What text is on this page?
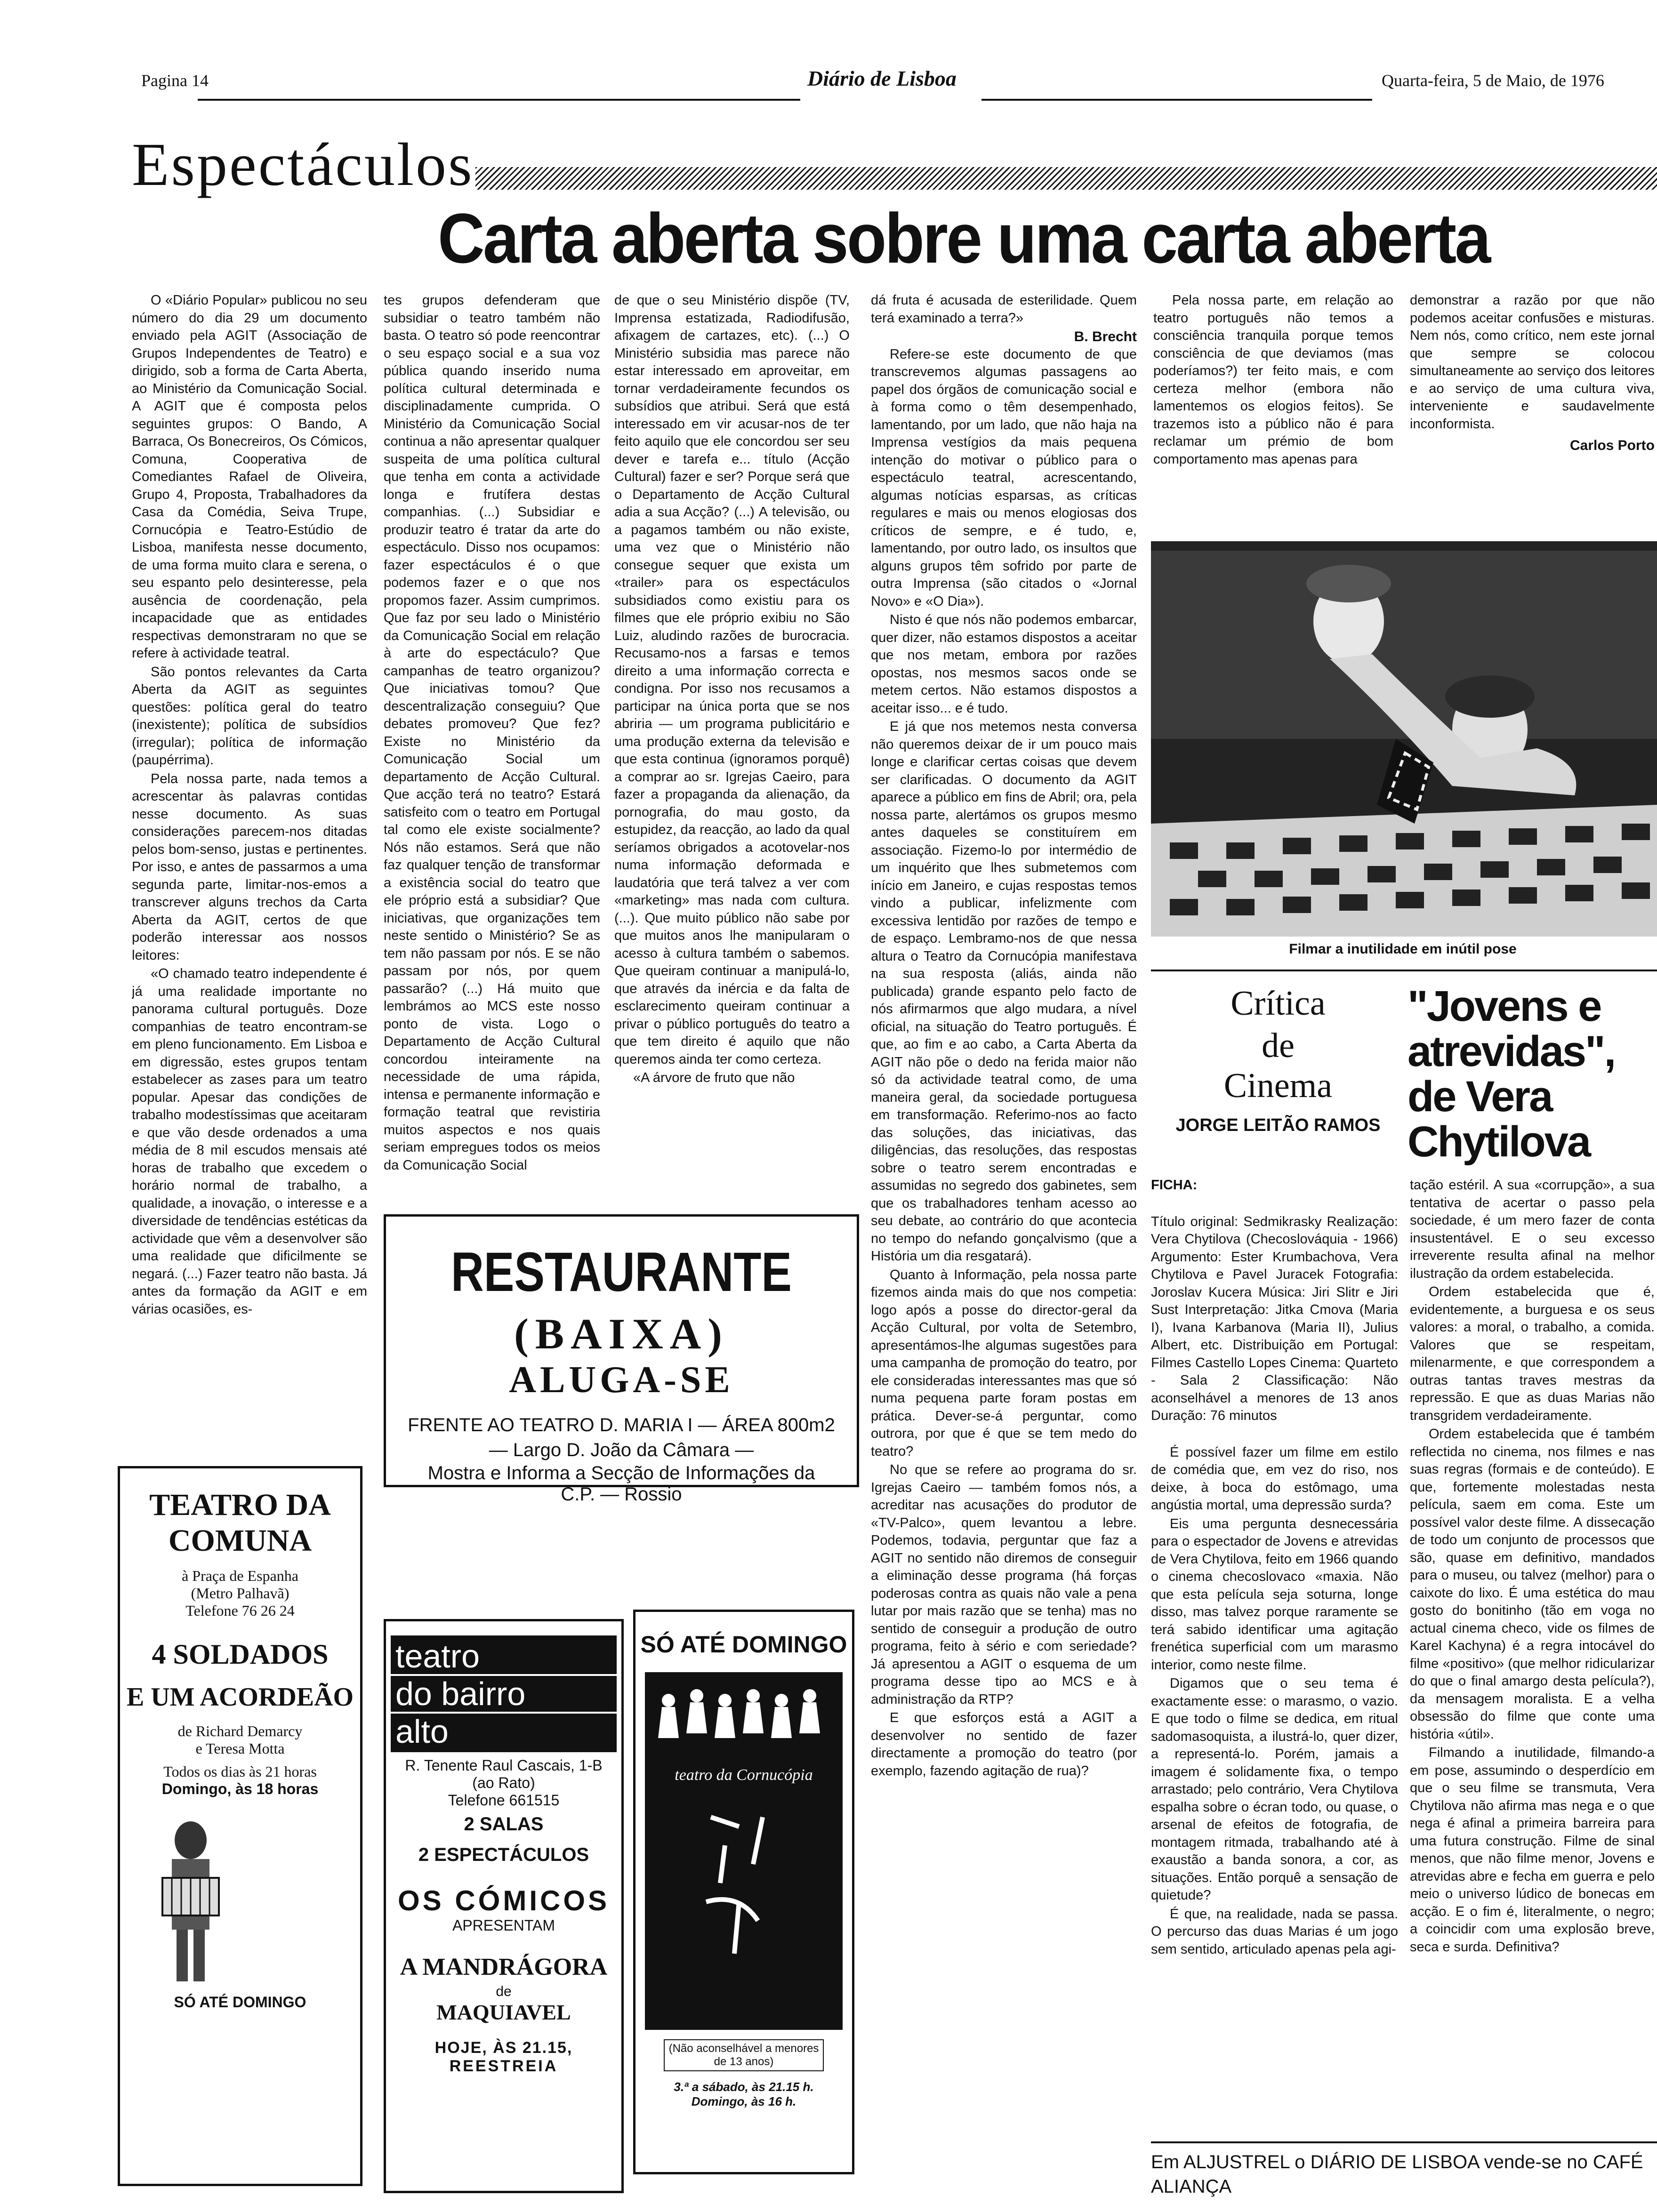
Pagina 14	Diário de Lisboa	Quarta-feira, 5 de Maio, de 1976
Espectáculos
Carta aberta sobre uma carta aberta

O «Diário Popular» publicou no seu número do dia 29 um documento enviado pela AGIT (Associação de Grupos Independentes de Teatro) e dirigido, sob a forma de Carta Aberta, ao Ministério da Comunicação Social. A AGIT que é composta pelos seguintes grupos: O Bando, A Barraca, Os Bonecreiros, Os Cómicos, Comuna, Cooperativa de Comediantes Rafael de Oliveira, Grupo 4, Proposta, Trabalhadores da Casa da Comédia, Seiva Trupe, Cornucópia e Teatro-Estúdio de Lisboa, manifesta nesse documento, de uma forma muito clara e serena, o seu espanto pelo desinteresse, pela ausência de coordenação, pela incapacidade que as entidades respectivas demonstraram no que se refere à actividade teatral.

São pontos relevantes da Carta Aberta da AGIT as seguintes questões: política geral do teatro (inexistente); política de subsídios (irregular); política de informação (paupérrima).

Pela nossa parte, nada temos a acrescentar às palavras contidas nesse documento. As suas considerações parecem-nos ditadas pelos bom-senso, justas e pertinentes. Por isso, e antes de passarmos a uma segunda parte, limitar-nos-emos a transcrever alguns trechos da Carta Aberta da AGIT, certos de que poderão interessar aos nossos leitores:

«O chamado teatro independente é já uma realidade importante no panorama cultural português. Doze companhias de teatro encontram-se em pleno funcionamento. Em Lisboa e em digressão, estes grupos tentam estabelecer as zases para um teatro popular. Apesar das condições de trabalho modestíssimas que aceitaram e que vão desde ordenados a uma média de 8 mil escudos mensais até horas de trabalho que excedem o horário normal de trabalho, a qualidade, a inovação, o interesse e a diversidade de tendências estéticas da actividade que vêm a desenvolver são uma realidade que dificilmente se negará. (...) Fazer teatro não basta. Já antes da formação da AGIT e em várias ocasiões, es-

tes grupos defenderam que subsidiar o teatro também não basta. O teatro só pode reencontrar o seu espaço social e a sua voz pública quando inserido numa política cultural determinada e disciplinadamente cumprida. O Ministério da Comunicação Social continua a não apresentar qualquer suspeita de uma política cultural que tenha em conta a actividade longa e frutífera destas companhias. (...) Subsidiar e produzir teatro é tratar da arte do espectáculo. Disso nos ocupamos: fazer espectáculos é o que podemos fazer e o que nos propomos fazer. Assim cumprimos. Que faz por seu lado o Ministério da Comunicação Social em relação à arte do espectáculo? Que campanhas de teatro organizou? Que iniciativas tomou? Que descentralização conseguiu? Que debates promoveu? Que fez? Existe no Ministério da Comunicação Social um departamento de Acção Cultural. Que acção terá no teatro? Estará satisfeito com o teatro em Portugal tal como ele existe socialmente? Nós não estamos. Será que não faz qualquer tenção de transformar a existência social do teatro que ele próprio está a subsidiar? Que iniciativas, que organizações tem neste sentido o Ministério? Se as tem não passam por nós. E se não passam por nós, por quem passarão? (...) Há muito que lembrámos ao MCS este nosso ponto de vista. Logo o Departamento de Acção Cultural concordou inteiramente na necessidade de uma rápida, intensa e permanente informação e formação teatral que revistiria muitos aspectos e nos quais seriam empregues todos os meios da Comunicação Social

de que o seu Ministério dispõe (TV, Imprensa estatizada, Radiodifusão, afixagem de cartazes, etc). (...) O Ministério subsidia mas parece não estar interessado em aproveitar, em tornar verdadeiramente fecundos os subsídios que atribui. Será que está interessado em vir acusar-nos de ter feito aquilo que ele concordou ser seu dever e tarefa e... título (Acção Cultural) fazer e ser? Porque será que o Departamento de Acção Cultural adia a sua Acção? (...) A televisão, ou a pagamos também ou não existe, uma vez que o Ministério não consegue sequer que exista um «trailer» para os espectáculos subsidiados como existiu para os filmes que ele próprio exibiu no São Luiz, aludindo razões de burocracia. Recusamo-nos a farsas e temos direito a uma informação correcta e condigna. Por isso nos recusamos a participar na única porta que se nos abriria — um programa publicitário e uma produção externa da televisão e que esta continua (ignoramos porquê) a comprar ao sr. Igrejas Caeiro, para fazer a propaganda da alienação, da pornografia, do mau gosto, da estupidez, da reacção, ao lado da qual seríamos obrigados a acotovelar-nos numa informação deformada e laudatória que terá talvez a ver com «marketing» mas nada com cultura. (...). Que muito público não sabe por que muitos anos lhe manipularam o acesso à cultura também o sabemos. Que queiram continuar a manipulá-lo, que através da inércia e da falta de esclarecimento queiram continuar a privar o público português do teatro a que tem direito é aquilo que não queremos ainda ter como certeza.

«A árvore de fruto que não

dá fruta é acusada de esterilidade. Quem terá examinado a terra?»

B. Brecht

Refere-se este documento de que transcrevemos algumas passagens ao papel dos órgãos de comunicação social e à forma como o têm desempenhado, lamentando, por um lado, que não haja na Imprensa vestígios da mais pequena intenção do motivar o público para o espectáculo teatral, acrescentando, algumas notícias esparsas, as críticas regulares e mais ou menos elogiosas dos críticos de sempre, e é tudo, e, lamentando, por outro lado, os insultos que alguns grupos têm sofrido por parte de outra Imprensa (são citados o «Jornal Novo» e «O Dia»).

Nisto é que nós não podemos embarcar, quer dizer, não estamos dispostos a aceitar que nos metam, embora por razões opostas, nos mesmos sacos onde se metem certos. Não estamos dispostos a aceitar isso... e é tudo.

E já que nos metemos nesta conversa não queremos deixar de ir um pouco mais longe e clarificar certas coisas que devem ser clarificadas. O documento da AGIT aparece a público em fins de Abril; ora, pela nossa parte, alertámos os grupos mesmo antes daqueles se constituírem em associação. Fizemo-lo por intermédio de um inquérito que lhes submetemos com início em Janeiro, e cujas respostas temos vindo a publicar, infelizmente com excessiva lentidão por razões de tempo e de espaço. Lembramo-nos de que nessa altura o Teatro da Cornucópia manifestava na sua resposta (aliás, ainda não publicada) grande espanto pelo facto de nós afirmarmos que algo mudara, a nível oficial, na situação do Teatro português. É que, ao fim e ao cabo, a Carta Aberta da AGIT não põe o dedo na ferida maior não só da actividade teatral como, de uma maneira geral, da sociedade portuguesa em transformação. Referimo-nos ao facto das soluções, das iniciativas, das diligências, das resoluções, das respostas sobre o teatro serem encontradas e assumidas no segredo dos gabinetes, sem que os trabalhadores tenham acesso ao seu debate, ao contrário do que acontecia no tempo do nefando gonçalvismo (que a História um dia resgatará).

Quanto à Informação, pela nossa parte fizemos ainda mais do que nos competia: logo após a posse do director-geral da Acção Cultural, por volta de Setembro, apresentámos-lhe algumas sugestões para uma campanha de promoção do teatro, por ele consideradas interessantes mas que só numa pequena parte foram postas em prática. Dever-se-á perguntar, como outrora, por que é que se tem medo do teatro?

No que se refere ao programa do sr. Igrejas Caeiro — também fomos nós, a acreditar nas acusações do produtor de «TV-Palco», quem levantou a lebre. Podemos, todavia, perguntar que faz a AGIT no sentido não diremos de conseguir a eliminação desse programa (há forças poderosas contra as quais não vale a pena lutar por mais razão que se tenha) mas no sentido de conseguir a produção de outro programa, feito à sério e com seriedade? Já apresentou a AGIT o esquema de um programa desse tipo ao MCS e à administração da RTP?

E que esforços está a AGIT a desenvolver no sentido de fazer directamente a promoção do teatro (por exemplo, fazendo agitação de rua)?

Pela nossa parte, em relação ao teatro português não temos a consciência tranquila porque temos consciência de que deviamos (mas poderíamos?) ter feito mais, e com certeza melhor (embora não lamentemos os elogios feitos). Se trazemos isto a público não é para reclamar um prémio de bom comportamento mas apenas para

demonstrar a razão por que não podemos aceitar confusões e misturas. Nem nós, como crítico, nem este jornal que sempre se colocou simultaneamente ao serviço dos leitores e ao serviço de uma cultura viva, interveniente e saudavelmente inconformista.

Carlos Porto
Filmar a inutilidade em inútil pose
Crítica
de
Cinema
JORGE LEITÃO RAMOS
"Jovens e atrevidas", de Vera Chytilova

FICHA:

Título original: Sedmikrasky Realização: Vera Chytilova (Checoslováquia - 1966) Argumento: Ester Krumbachova, Vera Chytilova e Pavel Juracek Fotografia: Joroslav Kucera Música: Jiri Slitr e Jiri Sust Interpretação: Jitka Cmova (Maria I), Ivana Karbanova (Maria II), Julius Albert, etc. Distribuição em Portugal: Filmes Castello Lopes Cinema: Quarteto - Sala 2 Classificação: Não aconselhável a menores de 13 anos Duração: 76 minutos

É possível fazer um filme em estilo de comédia que, em vez do riso, nos deixe, à boca do estômago, uma angústia mortal, uma depressão surda?

Eis uma pergunta desnecessária para o espectador de Jovens e atrevidas de Vera Chytilova, feito em 1966 quando o cinema checoslovaco «maxia. Não que esta película seja soturna, longe disso, mas talvez porque raramente se terá sabido identificar uma agitação frenética superficial com um marasmo interior, como neste filme.

Digamos que o seu tema é exactamente esse: o marasmo, o vazio. E que todo o filme se dedica, em ritual sadomasoquista, a ilustrá-lo, quer dizer, a representá-lo. Porém, jamais a imagem é solidamente fixa, o tempo arrastado; pelo contrário, Vera Chytilova espalha sobre o écran todo, ou quase, o arsenal de efeitos de fotografia, de montagem ritmada, trabalhando até à exaustão a banda sonora, a cor, as situações. Então porquê a sensação de quietude?

É que, na realidade, nada se passa. O percurso das duas Marias é um jogo sem sentido, articulado apenas pela agi-

tação estéril. A sua «corrupção», a sua tentativa de acertar o passo pela sociedade, é um mero fazer de conta insustentável. E o seu excesso irreverente resulta afinal na melhor ilustração da ordem estabelecida.

Ordem estabelecida que é, evidentemente, a burguesa e os seus valores: a moral, o trabalho, a comida. Valores que se respeitam, milenarmente, e que correspondem a outras tantas traves mestras da repressão. E que as duas Marias não transgridem verdadeiramente.

Ordem estabelecida que é também reflectida no cinema, nos filmes e nas suas regras (formais e de conteúdo). E que, fortemente molestadas nesta película, saem em coma. Este um possível valor deste filme. A dissecação de todo um conjunto de processos que são, quase em definitivo, mandados para o museu, ou talvez (melhor) para o caixote do lixo. É uma estética do mau gosto do bonitinho (tão em voga no actual cinema checo, vide os filmes de Karel Kachyna) é a regra intocável do filme «positivo» (que melhor ridicularizar do que o final amargo desta película?), da mensagem moralista. E a velha obsessão do filme que conte uma história «útil».

Filmando a inutilidade, filmando-a em pose, assumindo o desperdício em que o seu filme se transmuta, Vera Chytilova não afirma mas nega e o que nega é afinal a primeira barreira para uma futura construção. Filme de sinal menos, que não filme menor, Jovens e atrevidas abre e fecha em guerra e pelo meio o universo lúdico de bonecas em acção. E o fim é, literalmente, o negro; a coincidir com uma explosão breve, seca e surda. Definitiva?

Em ALJUSTREL o DIÁRIO DE LISBOA vende-se no CAFÉ ALIANÇA
RESTAURANTE
(BAIXA)
ALUGA-SE
FRENTE AO TEATRO D. MARIA I — ÁREA 800m2
— Largo D. João da Câmara —
Mostra e Informa a Secção de Informações da C.P. — Rossio
TEATRO DA
COMUNA
à Praça de Espanha
(Metro Palhavã)
Telefone 76 26 24
4 SOLDADOS
E UM ACORDEÃO
de Richard Demarcy
e Teresa Motta
Todos os dias às 21 horas
Domingo, às 18 horas
SÓ ATÉ DOMINGO
teatro
do bairro
alto
R. Tenente Raul Cascais, 1-B
(ao Rato)
Telefone 661515
2 SALAS
2 ESPECTÁCULOS
OS CÓMICOS
APRESENTAM
A MANDRÁGORA
de
MAQUIAVEL
HOJE, ÀS 21.15,
REESTREIA
SÓ ATÉ DOMINGO
teatro da Cornucópia
(Não aconselhável a menores de 13 anos)
3.ª a sábado, às 21.15 h.
Domingo, às 16 h.
